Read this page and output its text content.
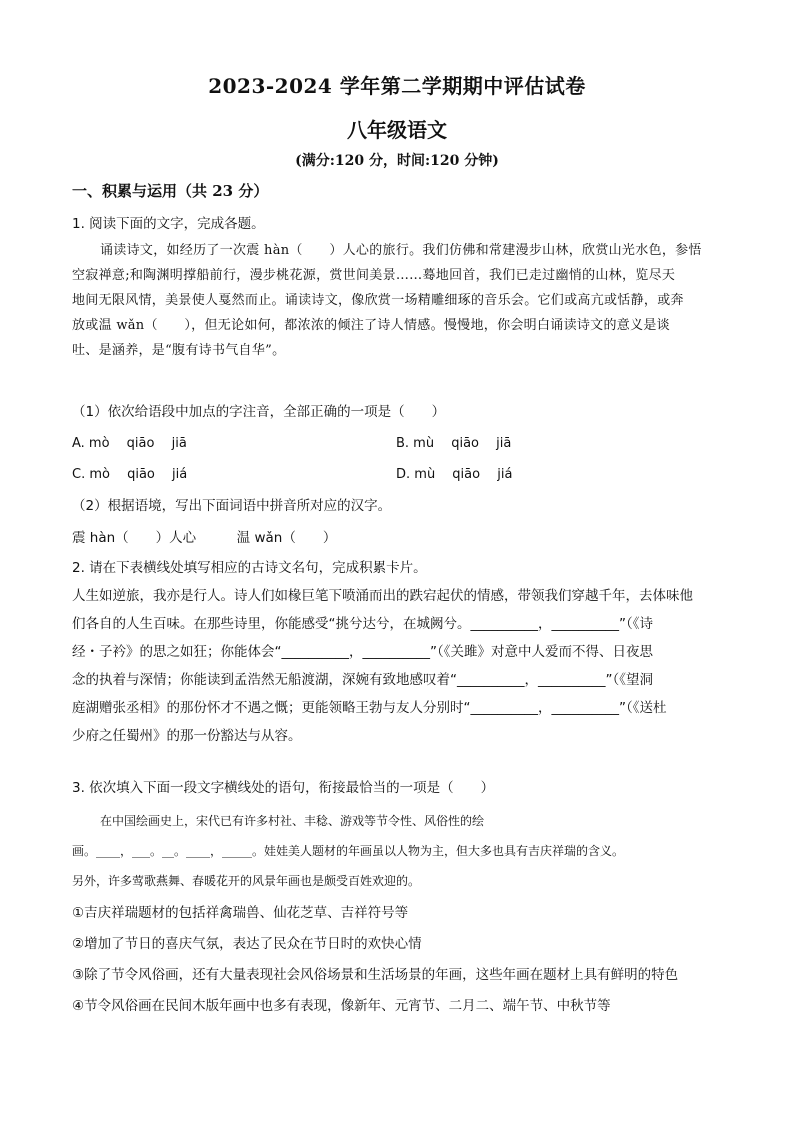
2023-2024 学年第二学期期中评估试卷
八年级语文
(满分:120 分，时间:120 分钟)
一、积累与运用（共 23 分）
1. 阅读下面的文字，完成各题。
诵读诗文，如经历了一次震 hàn（　　）人心的旅行。我们仿佛和常建漫步山林，欣赏山光水色，参悟
空寂禅意;和陶渊明撑船前行，漫步桃花源，赏世间美景……蓦地回首，我们已走过幽悄的山林，览尽天
地间无限风情，美景使人戛然而止。诵读诗文，像欣赏一场精雕细琢的音乐会。它们或高亢或恬静，或奔
放或温 wǎn（　　），但无论如何，都浓浓的倾注了诗人情感。慢慢地，你会明白诵读诗文的意义是谈
吐、是涵养，是“腹有诗书气自华”。
（1）依次给语段中加点的字注音，全部正确的一项是（　　）
A. mò　 qiāo　 jiā	B. mù　 qiāo　 jiā
C. mò　 qiāo　 jiá	D. mù　 qiāo　 jiá
（2）根据语境，写出下面词语中拼音所对应的汉字。
震 hàn（　　）人心　　　温 wǎn（　　）
2. 请在下表横线处填写相应的古诗文名句，完成积累卡片。
人生如逆旅，我亦是行人。诗人们如椽巨笔下喷涌而出的跌宕起伏的情感，带领我们穿越千年，去体味他
们各自的人生百味。在那些诗里，你能感受“挑兮达兮，在城阙兮。__________，__________”（《诗
经・子衿》的思之如狂；你能体会“__________，__________”（《关雎》对意中人爱而不得、日夜思
念的执着与深情；你能读到孟浩然无船渡湖，深婉有致地感叹着“__________，__________”（《望洞
庭湖赠张丞相》的那份怀才不遇之慨；更能领略王勃与友人分别时“__________，__________”（《送杜
少府之任蜀州》的那一份豁达与从容。
3. 依次填入下面一段文字横线处的语句，衔接最恰当的一项是（　　）
在中国绘画史上，宋代已有许多村社、丰稔、游戏等节令性、风俗性的绘
画。____，___。__。____，_____。娃娃美人题材的年画虽以人物为主，但大多也具有吉庆祥瑞的含义。
另外，许多莺歌燕舞、春暖花开的风景年画也是颇受百姓欢迎的。
①吉庆祥瑞题材的包括祥禽瑞兽、仙花芝草、吉祥符号等
②增加了节日的喜庆气氛，表达了民众在节日时的欢快心情
③除了节令风俗画，还有大量表现社会风俗场景和生活场景的年画，这些年画在题材上具有鲜明的特色
④节令风俗画在民间木版年画中也多有表现，像新年、元宵节、二月二、端午节、中秋节等
